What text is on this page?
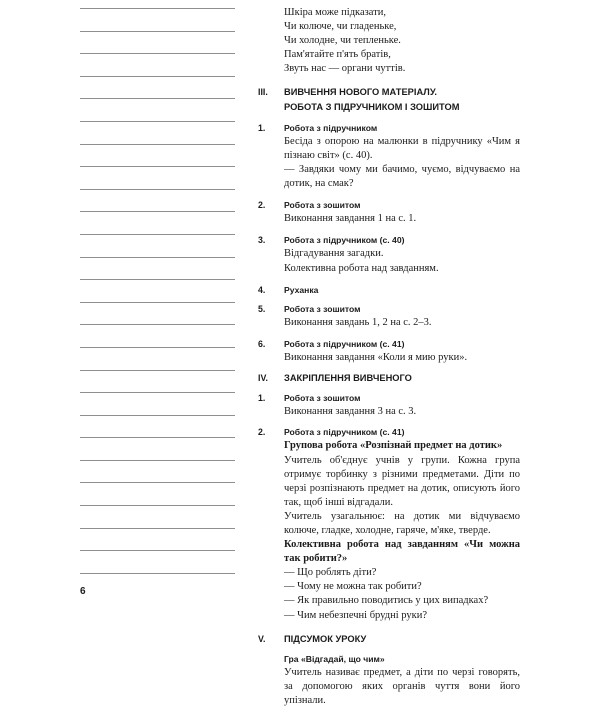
Шкіра може підказати,
Чи колюче, чи гладеньке,
Чи холодне, чи тепленьке.
Пам'ятайте п'ять братів,
Звуть нас — органи чуттів.
III. ВИВЧЕННЯ НОВОГО МАТЕРІАЛУ.
РОБОТА З ПІДРУЧНИКОМ І ЗОШИТОМ
1. Робота з підручником
Бесіда з опорою на малюнки в підручнику «Чим я пізнаю світ» (с. 40).
— Завдяки чому ми бачимо, чуємо, відчуваємо на дотик, на смак?
2. Робота з зошитом
Виконання завдання 1 на с. 1.
3. Робота з підручником (с. 40)
Відгадування загадки.
Колективна робота над завданням.
4. Руханка
5. Робота з зошитом
Виконання завдань 1, 2 на с. 2–3.
6. Робота з підручником (с. 41)
Виконання завдання «Коли я мию руки».
IV. ЗАКРІПЛЕННЯ ВИВЧЕНОГО
1. Робота з зошитом
Виконання завдання 3 на с. 3.
2. Робота з підручником (с. 41)
Групова робота «Розпізнай предмет на дотик»
Учитель об'єднує учнів у групи. Кожна група отримує торбинку з різними предметами. Діти по черзі розпізнають предмет на дотик, описують його так, щоб інші відгадали.
Учитель узагальнює: на дотик ми відчуваємо колюче, гладке, холодне, гаряче, м'яке, тверде.
Колективна робота над завданням «Чи можна так робити?»
— Що роблять діти?
— Чому не можна так робити?
— Як правильно поводитись у цих випадках?
— Чим небезпечні брудні руки?
V. ПІДСУМОК УРОКУ
Гра «Відгадай, що чим»
Учитель називає предмет, а діти по черзі говорять, за допомогою яких органів чуття вони його упізнали.
6
